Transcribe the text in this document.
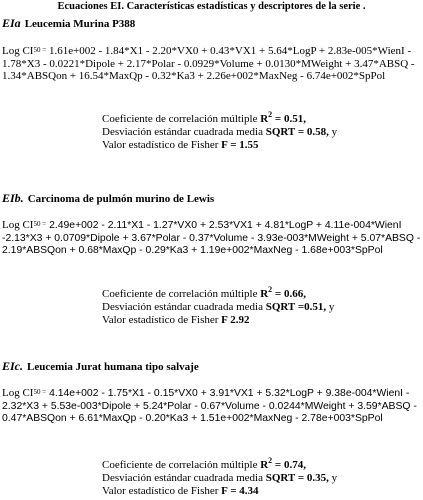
Ecuaciones EI. Características estadísticas y descriptores de la serie .
EIa Leucemia Murina P388

Log $CI^{50 =}$ 1.61e+002 - 1.84*X1 - 2.20*VX0 + 0.43*VX1 + 5.64*LogP + 2.83e-005*WienI - 1.78*X3 - 0.0221*Dipole + 2.17*Polar - 0.0929*Volume + 0.0130*MWeight + 3.47*ABSQ - 1.34*ABSQon + 16.54*MaxQp - 0.32*Ka3 + 2.26e+002*MaxNeg - 6.74e+002*SpPol

Coeficiente de correlación múltiple $R^2 = 0.51$,
Desviación estándar cuadrada media SQRT = 0.58, y
Valor estadístico de Fisher F = 1.55
EIb. Carcinoma de pulmón murino de Lewis

Log $CI^{50 =}$ 2.49e+002 - 2.11*X1 - 1.27*VX0 + 2.53*VX1 + 4.81*LogP + 4.11e-004*WienI -2.13*X3 + 0.0709*Dipole + 3.67*Polar - 0.37*Volume - 3.93e-003*MWeight + 5.07*ABSQ - 2.19*ABSQon + 0.68*MaxQp - 0.29*Ka3 + 1.19e+002*MaxNeg - 1.68e+003*SpPol

Coeficiente de correlación múltiple $R^2 = 0.66$,
Desviación estándar cuadrada media SQRT =0.51, y
Valor estadístico de Fisher F 2.92
EIc. Leucemia Jurat humana tipo salvaje

Log $CI^{50 =}$ 4.14e+002 - 1.75*X1 - 0.15*VX0 + 3.91*VX1 + 5.32*LogP + 9.38e-004*WienI - 2.32*X3 + 5.53e-003*Dipole + 5.24*Polar - 0.67*Volume - 0.0244*MWeight + 3.59*ABSQ - 0.47*ABSQon + 6.61*MaxQp - 0.20*Ka3 + 1.51e+002*MaxNeg - 2.78e+003*SpPol

Coeficiente de correlación múltiple $R^2 = 0.74$,
Desviación estándar cuadrada media SQRT = 0.35, y
Valor estadístico de Fisher F = 4.34
